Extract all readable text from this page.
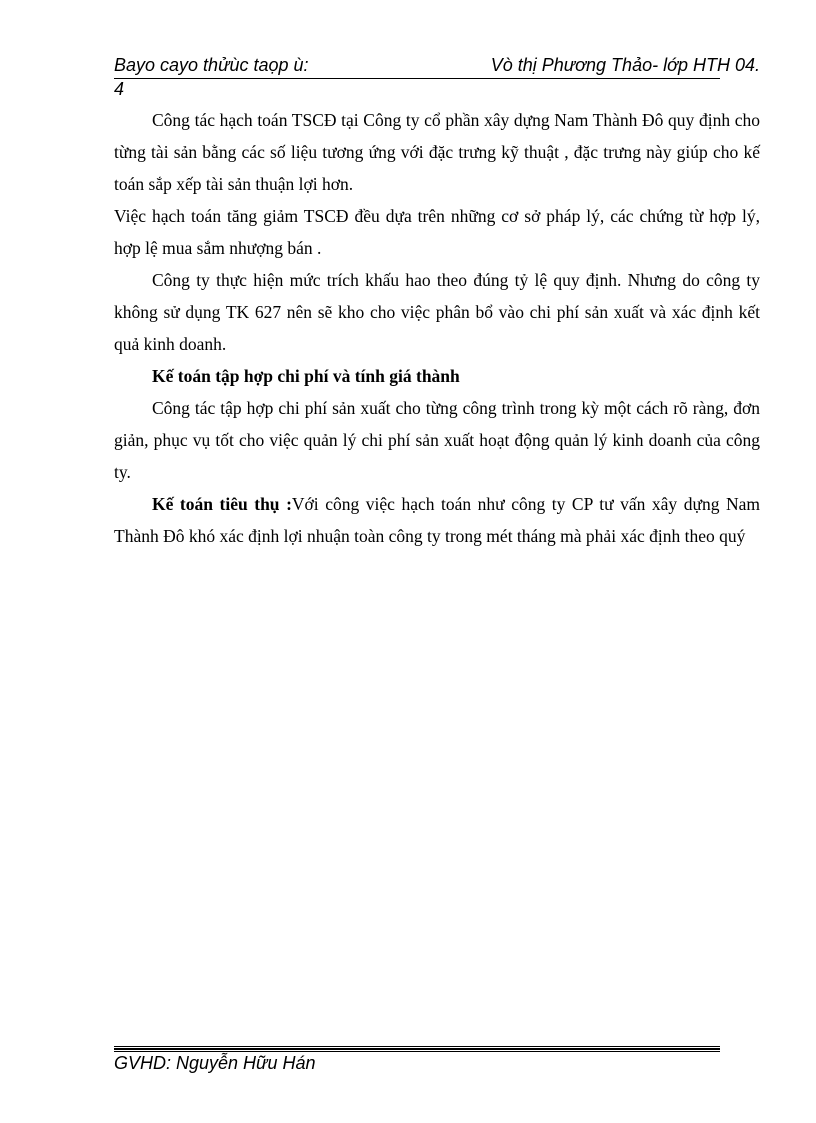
Bayo cayo thửùc taọp ù:	Vò thị Phương Thảo- lớp HTH 04.
4

Công tác hạch toán TSCĐ tại Công ty cổ phần xây dựng Nam Thành Đô quy định cho từng tài sản bằng các số liệu tương ứng với đặc trưng kỹ thuật , đặc trưng này giúp cho kế toán sắp xếp tài sản thuận lợi hơn.

Việc hạch toán tăng giảm TSCĐ đều dựa trên những cơ sở pháp lý, các chứng từ hợp lý, hợp lệ mua sắm nhượng bán .

Công ty thực hiện mức trích khấu hao theo đúng tỷ lệ quy định. Nhưng do công ty không sử dụng TK 627 nên sẽ kho cho việc phân bổ vào chi phí sản xuất và xác định kết quả kinh doanh.

Kế toán tập hợp chi phí và tính giá thành

Công tác tập hợp chi phí sản xuất cho từng công trình trong kỳ một cách rõ ràng, đơn giản, phục vụ tốt cho việc quản lý chi phí sản xuất hoạt động quản lý kinh doanh của công ty.

Kế toán tiêu thụ :Với công việc hạch toán như công ty CP tư vấn xây dựng Nam Thành Đô khó xác định lợi nhuận toàn công ty trong mét tháng mà phải xác định theo quý

GVHD: Nguyễn Hữu Hán
